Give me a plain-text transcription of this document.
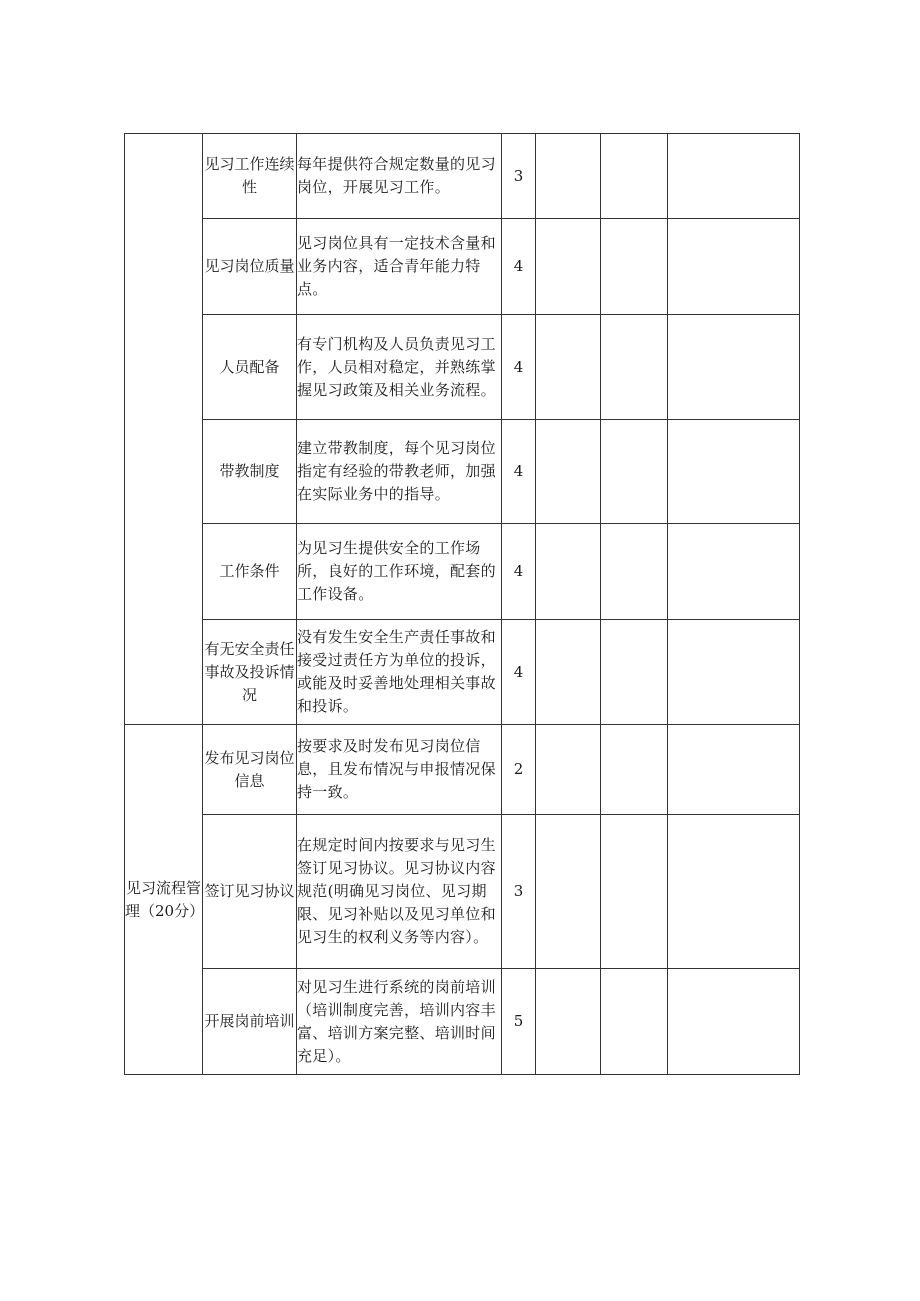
	见习工作连续性	每年提供符合规定数量的见习岗位，开展见习工作。	3			
	见习岗位质量	见习岗位具有一定技术含量和业务内容，适合青年能力特点。	4			
	人员配备	有专门机构及人员负责见习工作，人员相对稳定，并熟练掌握见习政策及相关业务流程。	4			
	带教制度	建立带教制度，每个见习岗位指定有经验的带教老师，加强在实际业务中的指导。	4			
	工作条件	为见习生提供安全的工作场所，良好的工作环境，配套的工作设备。	4			
	有无安全责任事故及投诉情况	没有发生安全生产责任事故和接受过责任方为单位的投诉，或能及时妥善地处理相关事故和投诉。	4			
见习流程管理（20分）	发布见习岗位信息	按要求及时发布见习岗位信息，且发布情况与申报情况保持一致。	2			
	签订见习协议	在规定时间内按要求与见习生签订见习协议。见习协议内容规范(明确见习岗位、见习期限、见习补贴以及见习单位和见习生的权利义务等内容）。	3			
	开展岗前培训	对见习生进行系统的岗前培训（培训制度完善，培训内容丰富、培训方案完整、培训时间充足）。	5			
